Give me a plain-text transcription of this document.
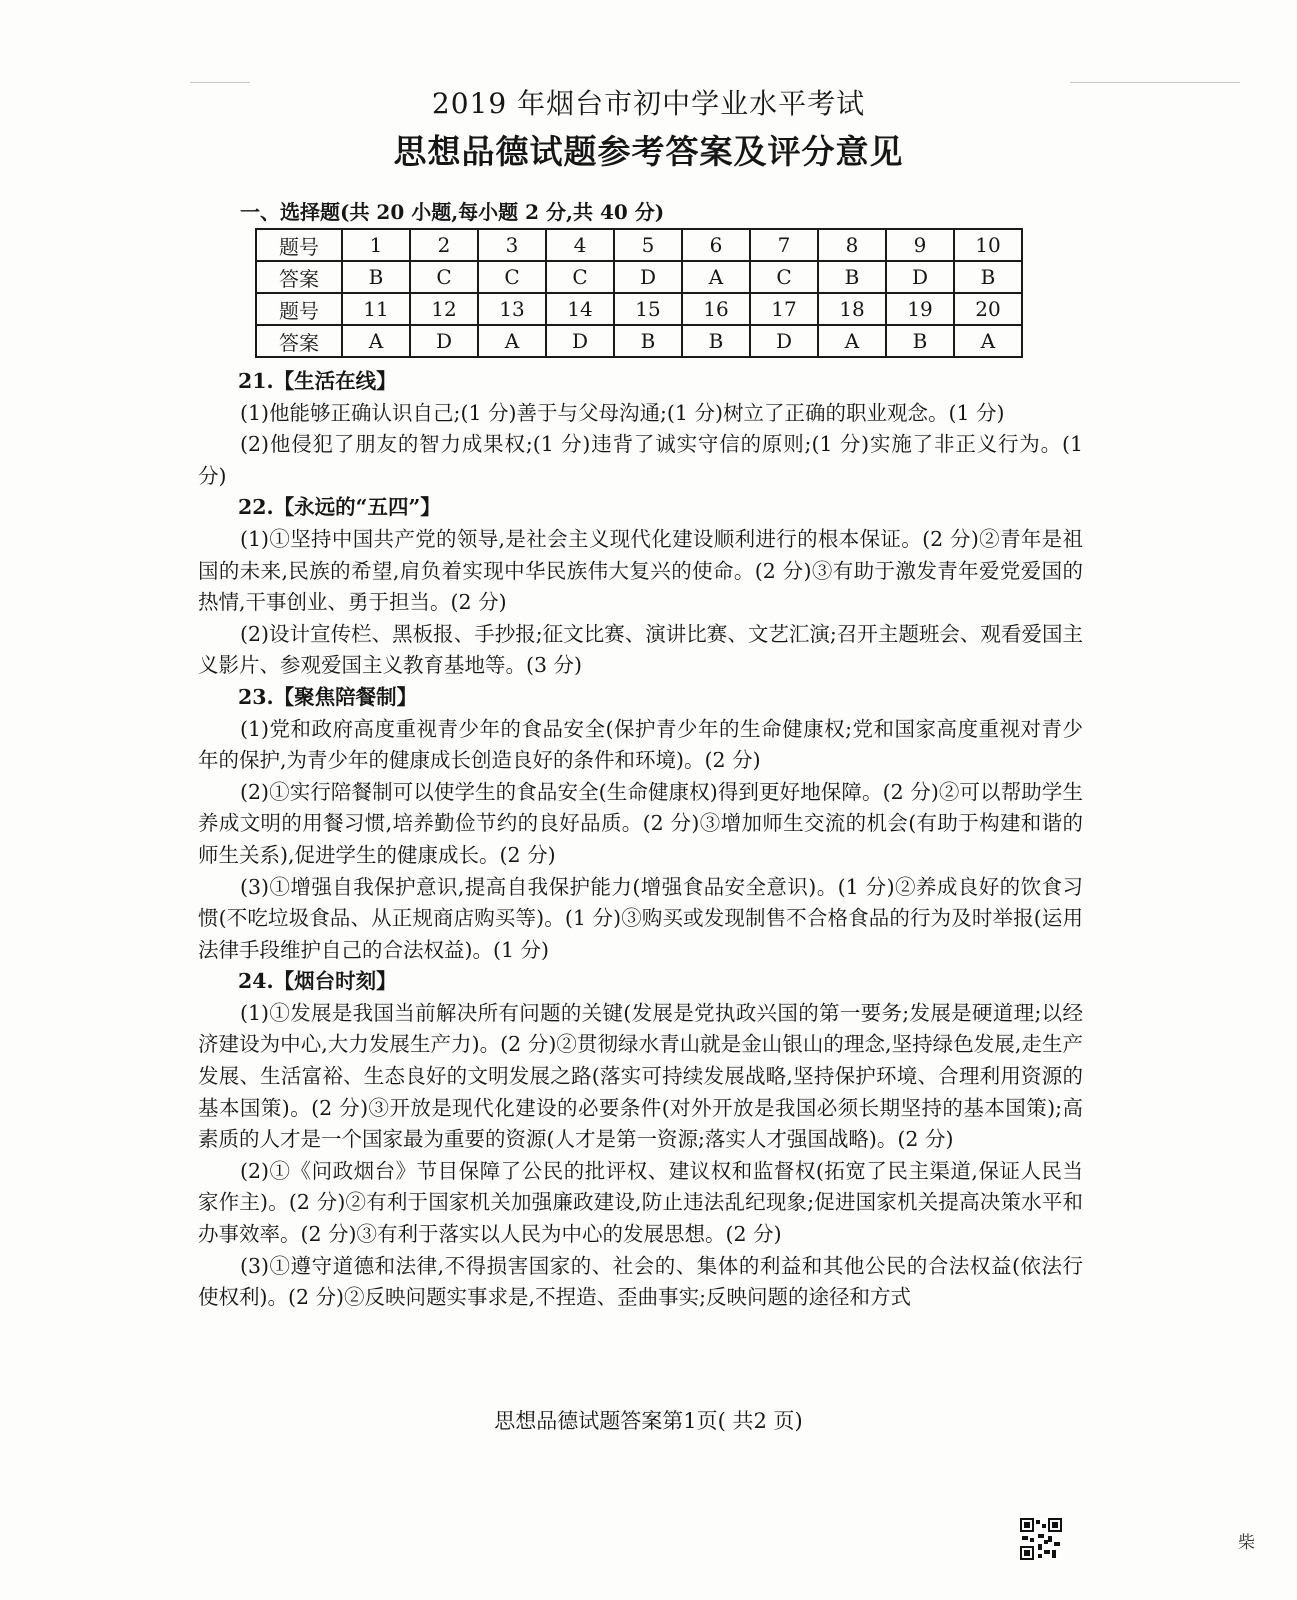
2019 年烟台市初中学业水平考试
思想品德试题参考答案及评分意见
一、选择题(共 20 小题,每小题 2 分,共 40 分)
题号	1	2	3	4	5	6	7	8	9	10
答案	B	C	C	C	D	A	C	B	D	B
题号	11	12	13	14	15	16	17	18	19	20
答案	A	D	A	D	B	B	D	A	B	A

21.【生活在线】

(1)他能够正确认识自己;(1 分)善于与父母沟通;(1 分)树立了正确的职业观念。(1 分)

(2)他侵犯了朋友的智力成果权;(1 分)违背了诚实守信的原则;(1 分)实施了非正义行为。(1 分)

22.【永远的“五四”】

(1)①坚持中国共产党的领导,是社会主义现代化建设顺利进行的根本保证。(2 分)②青年是祖国的未来,民族的希望,肩负着实现中华民族伟大复兴的使命。(2 分)③有助于激发青年爱党爱国的热情,干事创业、勇于担当。(2 分)

(2)设计宣传栏、黑板报、手抄报;征文比赛、演讲比赛、文艺汇演;召开主题班会、观看爱国主义影片、参观爱国主义教育基地等。(3 分)

23.【聚焦陪餐制】

(1)党和政府高度重视青少年的食品安全(保护青少年的生命健康权;党和国家高度重视对青少年的保护,为青少年的健康成长创造良好的条件和环境)。(2 分)

(2)①实行陪餐制可以使学生的食品安全(生命健康权)得到更好地保障。(2 分)②可以帮助学生养成文明的用餐习惯,培养勤俭节约的良好品质。(2 分)③增加师生交流的机会(有助于构建和谐的师生关系),促进学生的健康成长。(2 分)

(3)①增强自我保护意识,提高自我保护能力(增强食品安全意识)。(1 分)②养成良好的饮食习惯(不吃垃圾食品、从正规商店购买等)。(1 分)③购买或发现制售不合格食品的行为及时举报(运用法律手段维护自己的合法权益)。(1 分)

24.【烟台时刻】

(1)①发展是我国当前解决所有问题的关键(发展是党执政兴国的第一要务;发展是硬道理;以经济建设为中心,大力发展生产力)。(2 分)②贯彻绿水青山就是金山银山的理念,坚持绿色发展,走生产发展、生活富裕、生态良好的文明发展之路(落实可持续发展战略,坚持保护环境、合理利用资源的基本国策)。(2 分)③开放是现代化建设的必要条件(对外开放是我国必须长期坚持的基本国策);高素质的人才是一个国家最为重要的资源(人才是第一资源;落实人才强国战略)。(2 分)

(2)①《问政烟台》节目保障了公民的批评权、建议权和监督权(拓宽了民主渠道,保证人民当家作主)。(2 分)②有利于国家机关加强廉政建设,防止违法乱纪现象;促进国家机关提高决策水平和办事效率。(2 分)③有利于落实以人民为中心的发展思想。(2 分)

(3)①遵守道德和法律,不得损害国家的、社会的、集体的利益和其他公民的合法权益(依法行使权利)。(2 分)②反映问题实事求是,不捏造、歪曲事实;反映问题的途径和方式

思想品德试题答案第1页( 共2 页)
柴
